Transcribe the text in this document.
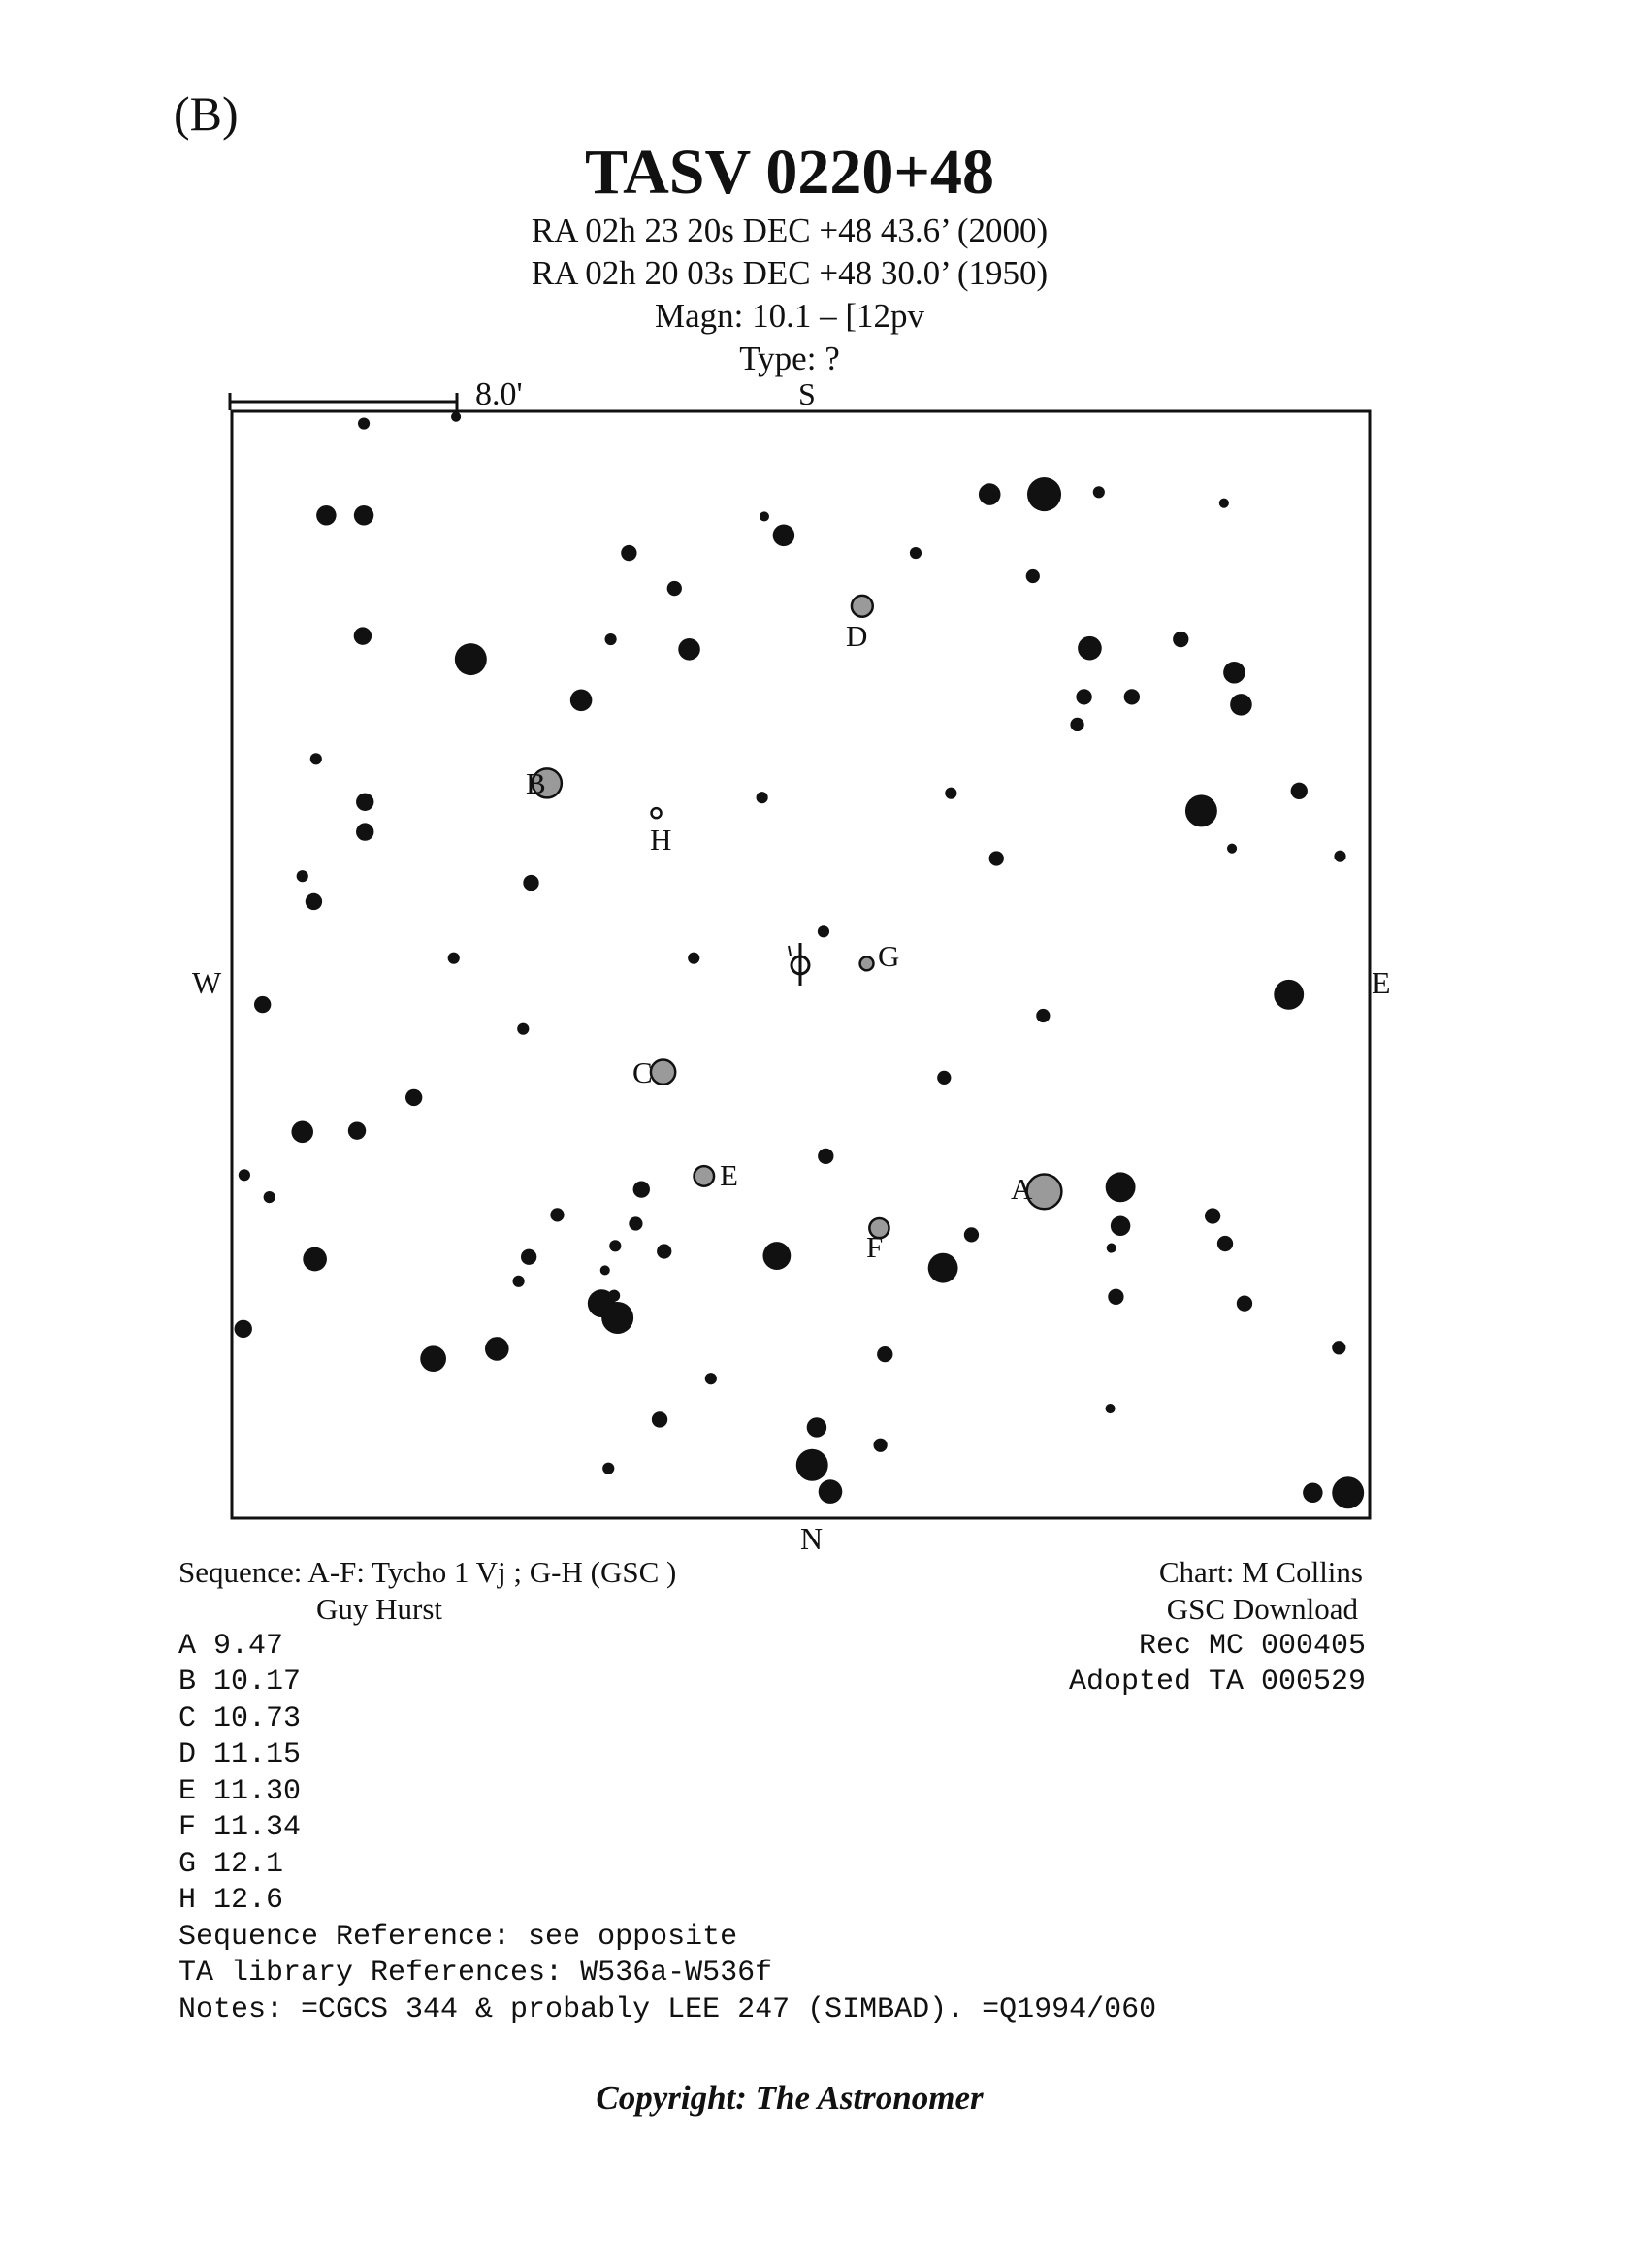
(B)
TASV 0220+48
RA 02h 23 20s DEC +48 43.6’ (2000)
RA 02h 20 03s DEC +48 30.0’ (1950)
Magn: 10.1 – [12pv
Type: ?
8.0'	S
N
W	E
B
H
D
G
C
E	A
F
Sequence: A-F: Tycho 1 Vj ; G-H (GSC )
Guy Hurst
Chart: M Collins
GSC Download
Rec MC 000405
Adopted TA 000529
A 9.47
B 10.17
C 10.73
D 11.15
E 11.30
F 11.34
G 12.1
H 12.6
Sequence Reference: see opposite
TA library References: W536a-W536f
Notes: =CGCS 344 & probably LEE 247 (SIMBAD). =Q1994/060
Copyright: The Astronomer
